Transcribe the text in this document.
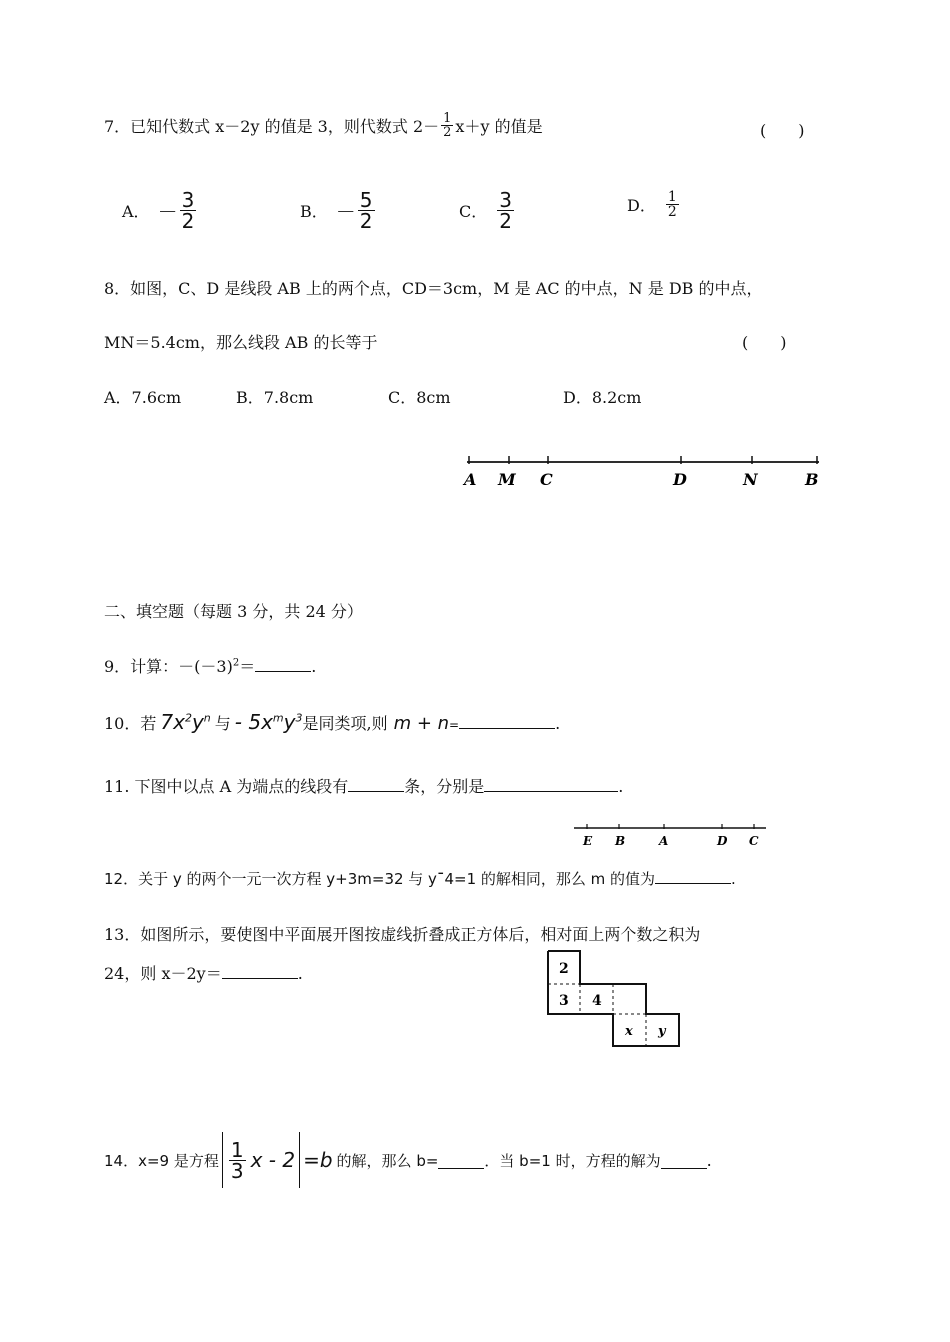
7．已知代数式 x－2y 的值是 3，则代数式 $2- \frac{1}{2} x+y$ 的值是	(　　)
A． － $\frac{3}{2}$	B． － $\frac{5}{2}$	C． $\frac{3}{2}$	D． $\frac{1}{2}$
8．如图，C、D 是线段 AB 上的两个点，CD＝3cm，M 是 AC 的中点，N 是 DB 的中点，
MN＝5.4cm，那么线段 AB 的长等于	(　　)
A．7.6cm	B．7.8cm	C．8cm	D．8.2cm
A M C	D	N	B
二、填空题（每题 3 分，共 24 分）
9．计算：$-(-3)^2=$	.
10．若 $7x^2y^n$ 与 - $5x^my^3$ 是同类项,则 m + n =	.
11. 下图中以点 A 为端点的线段有	条，分别是	.
E B	A	D C
12．关于 y 的两个一元一次方程 y+3m=32 与 yˉ4=1 的解相同，那么 m 的值为	.
13．如图所示，要使图中平面展开图按虚线折叠成正方体后，相对面上两个数之积为
24，则 x－2y＝	.	2
3 4
x y
14．x=9 是方程 $\frac{1}{3}$ x - 2 =b 的解，那么 b=	．当 b=1 时，方程的解为	.
